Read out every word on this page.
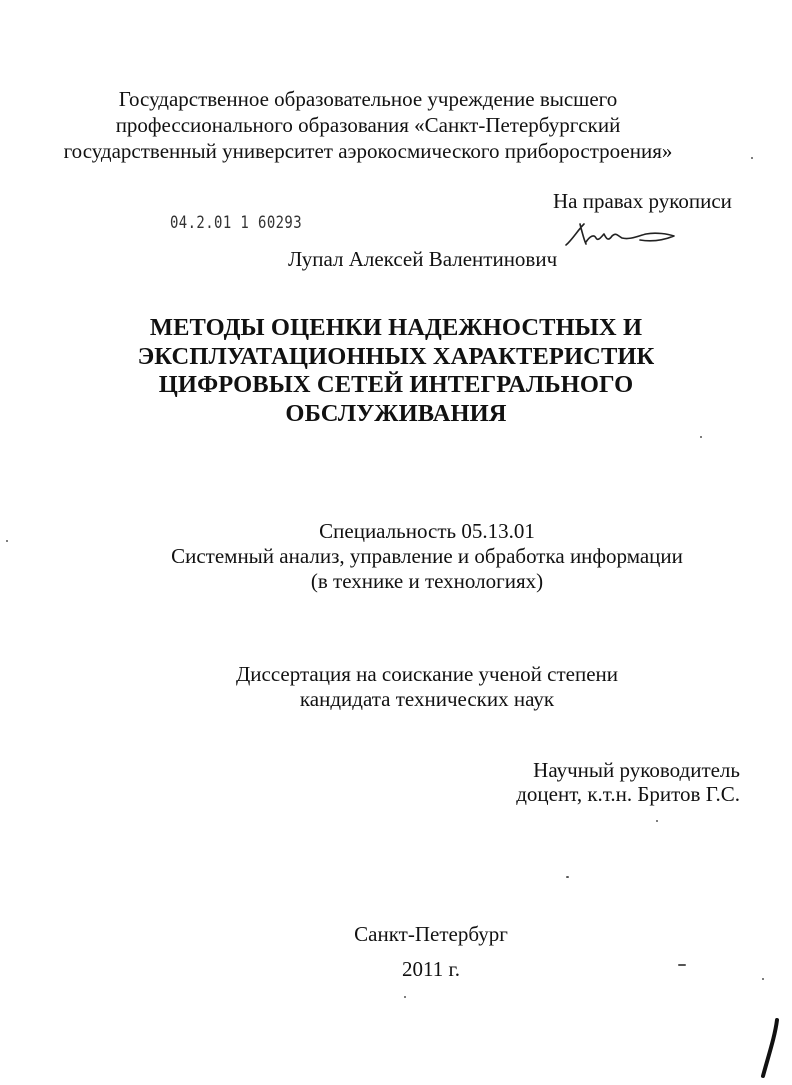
Государственное образовательное учреждение высшего
профессионального образования «Санкт-Петербургский
государственный университет аэрокосмического приборостроения»
На правах рукописи
04.2.01 1 60293
Лупал Алексей Валентинович
МЕТОДЫ ОЦЕНКИ НАДЕЖНОСТНЫХ И
ЭКСПЛУАТАЦИОННЫХ ХАРАКТЕРИСТИК
ЦИФРОВЫХ СЕТЕЙ ИНТЕГРАЛЬНОГО
ОБСЛУЖИВАНИЯ
Специальность 05.13.01
Системный анализ, управление и обработка информации
(в технике и технологиях)
Диссертация на соискание ученой степени
кандидата технических наук
Научный руководитель
доцент, к.т.н. Бритов Г.С.
Санкт-Петербург
2011 г.
